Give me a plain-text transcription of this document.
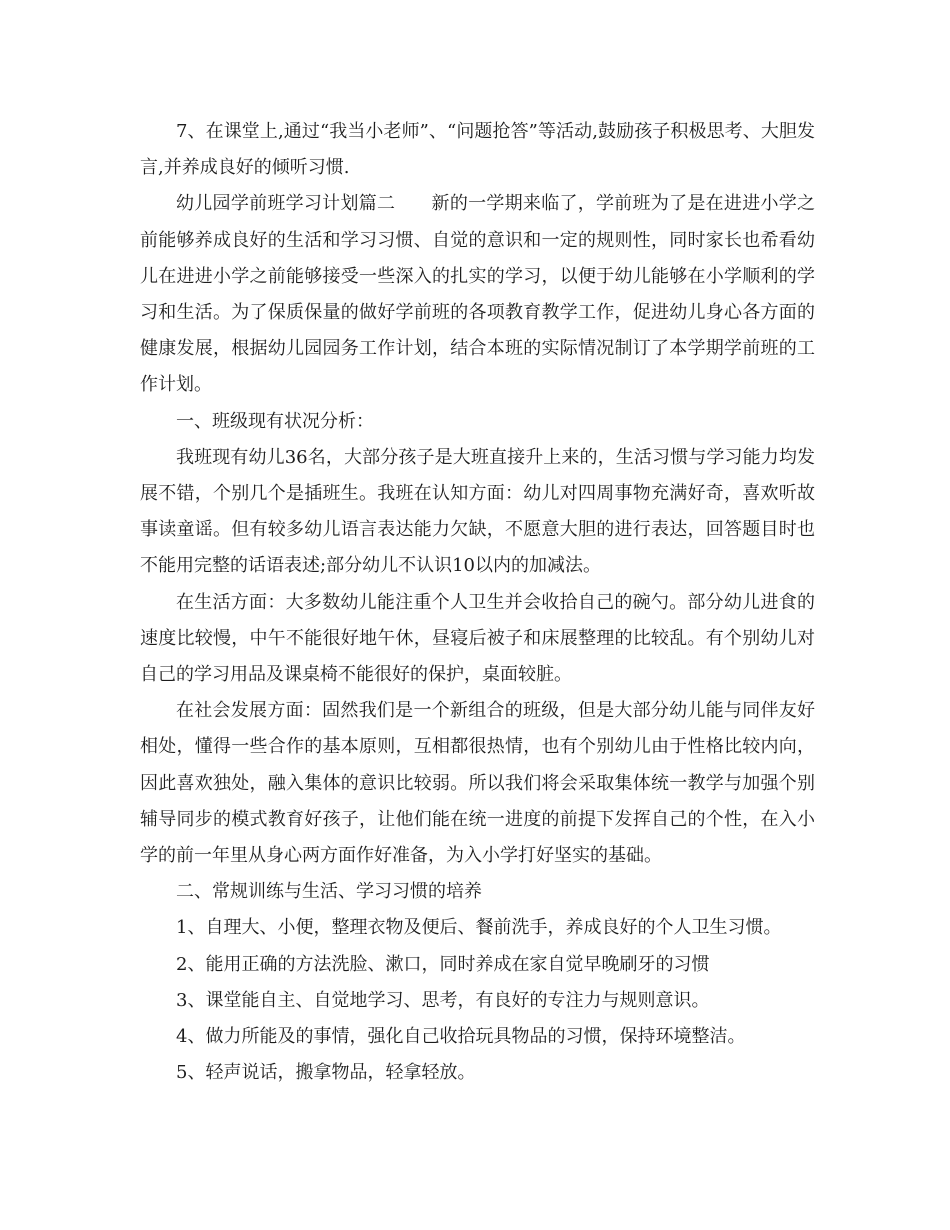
7、在课堂上,通过“我当小老师”、“问题抢答”等活动,鼓励孩子积极思考、大胆发言,并养成良好的倾听习惯.

幼儿园学前班学习计划篇二 新的一学期来临了，学前班为了是在进进小学之前能够养成良好的生活和学习习惯、自觉的意识和一定的规则性，同时家长也希看幼儿在进进小学之前能够接受一些深入的扎实的学习，以便于幼儿能够在小学顺利的学习和生活。为了保质保量的做好学前班的各项教育教学工作，促进幼儿身心各方面的健康发展，根据幼儿园园务工作计划，结合本班的实际情况制订了本学期学前班的工作计划。

一、班级现有状况分析：

我班现有幼儿36名，大部分孩子是大班直接升上来的，生活习惯与学习能力均发展不错，个别几个是插班生。我班在认知方面：幼儿对四周事物充满好奇，喜欢听故事读童谣。但有较多幼儿语言表达能力欠缺，不愿意大胆的进行表达，回答题目时也不能用完整的话语表述;部分幼儿不认识10以内的加减法。

在生活方面：大多数幼儿能注重个人卫生并会收拾自己的碗勺。部分幼儿进食的速度比较慢，中午不能很好地午休，昼寝后被子和床展整理的比较乱。有个别幼儿对自己的学习用品及课桌椅不能很好的保护，桌面较脏。

在社会发展方面：固然我们是一个新组合的班级，但是大部分幼儿能与同伴友好相处，懂得一些合作的基本原则，互相都很热情，也有个别幼儿由于性格比较内向，因此喜欢独处，融入集体的意识比较弱。所以我们将会采取集体统一教学与加强个别辅导同步的模式教育好孩子，让他们能在统一进度的前提下发挥自己的个性，在入小学的前一年里从身心两方面作好准备，为入小学打好坚实的基础。

二、常规训练与生活、学习习惯的培养

1、自理大、小便，整理衣物及便后、餐前洗手，养成良好的个人卫生习惯。

2、能用正确的方法洗脸、漱口，同时养成在家自觉早晚刷牙的习惯

3、课堂能自主、自觉地学习、思考，有良好的专注力与规则意识。

4、做力所能及的事情，强化自己收拾玩具物品的习惯，保持环境整洁。

5、轻声说话，搬拿物品，轻拿轻放。
